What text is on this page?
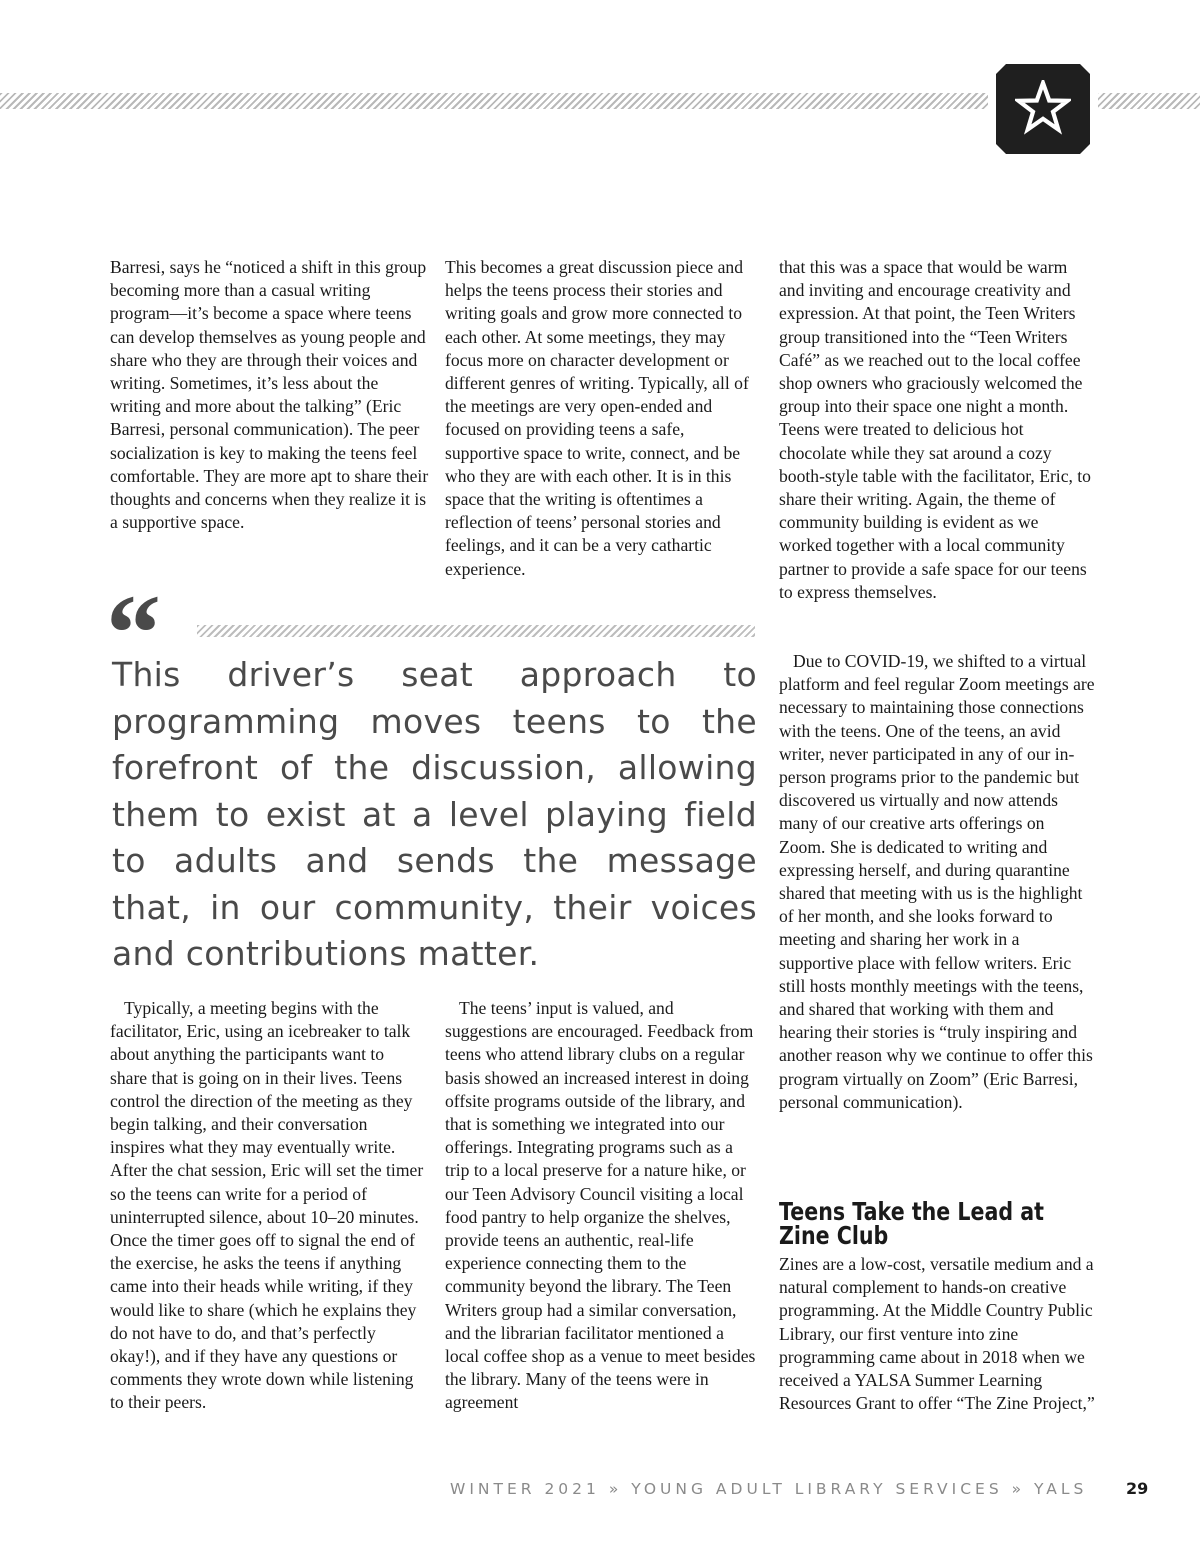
Barresi, says he “noticed a shift in this group becoming more than a casual writing program—it’s become a space where teens can develop themselves as young people and share who they are through their voices and writing. Sometimes, it’s less about the writing and more about the talking” (Eric Barresi, personal communication). The peer socialization is key to making the teens feel comfortable. They are more apt to share their thoughts and concerns when they realize it is a supportive space.

This becomes a great discussion piece and helps the teens process their stories and writing goals and grow more connected to each other. At some meetings, they may focus more on character development or different genres of writing. Typically, all of the meetings are very open-ended and focused on providing teens a safe, supportive space to write, connect, and be who they are with each other. It is in this space that the writing is oftentimes a reflection of teens’ personal stories and feelings, and it can be a very cathartic experience.

“

This driver’s seat approach to programming moves teens to the forefront of the discussion, allowing them to exist at a level playing field to adults and sends the message that, in our community, their voices and contributions matter.

Typically, a meeting begins with the facilitator, Eric, using an icebreaker to talk about anything the participants want to share that is going on in their lives. Teens control the direction of the meeting as they begin talking, and their conversation inspires what they may eventually write. After the chat session, Eric will set the timer so the teens can write for a period of uninterrupted silence, about 10–20 minutes. Once the timer goes off to signal the end of the exercise, he asks the teens if anything came into their heads while writing, if they would like to share (which he explains they do not have to do, and that’s perfectly okay!), and if they have any questions or comments they wrote down while listening to their peers.

The teens’ input is valued, and suggestions are encouraged. Feedback from teens who attend library clubs on a regular basis showed an increased interest in doing offsite programs outside of the library, and that is something we integrated into our offerings. Integrating programs such as a trip to a local preserve for a nature hike, or our Teen Advisory Council visiting a local food pantry to help organize the shelves, provide teens an authentic, real-life experience connecting them to the community beyond the library. The Teen Writers group had a similar conversation, and the librarian facilitator mentioned a local coffee shop as a venue to meet besides the library. Many of the teens were in agreement

that this was a space that would be warm and inviting and encourage creativity and expression. At that point, the Teen Writers group transitioned into the “Teen Writers Café” as we reached out to the local coffee shop owners who graciously welcomed the group into their space one night a month. Teens were treated to delicious hot chocolate while they sat around a cozy booth-style table with the facilitator, Eric, to share their writing. Again, the theme of community building is evident as we worked together with a local community partner to provide a safe space for our teens to express themselves.

Due to COVID-19, we shifted to a virtual platform and feel regular Zoom meetings are necessary to maintaining those connections with the teens. One of the teens, an avid writer, never participated in any of our in-person programs prior to the pandemic but discovered us virtually and now attends many of our creative arts offerings on Zoom. She is dedicated to writing and expressing herself, and during quarantine shared that meeting with us is the highlight of her month, and she looks forward to meeting and sharing her work in a supportive place with fellow writers. Eric still hosts monthly meetings with the teens, and shared that working with them and hearing their stories is “truly inspiring and another reason why we continue to offer this program virtually on Zoom” (Eric Barresi, personal communication).

Teens Take the Lead at Zine Club

Zines are a low-cost, versatile medium and a natural complement to hands-on creative programming. At the Middle Country Public Library, our first venture into zine programming came about in 2018 when we received a YALSA Summer Learning Resources Grant to offer “The Zine Project,”

WINTER 2021 » YOUNG ADULT LIBRARY SERVICES » YALS 29
